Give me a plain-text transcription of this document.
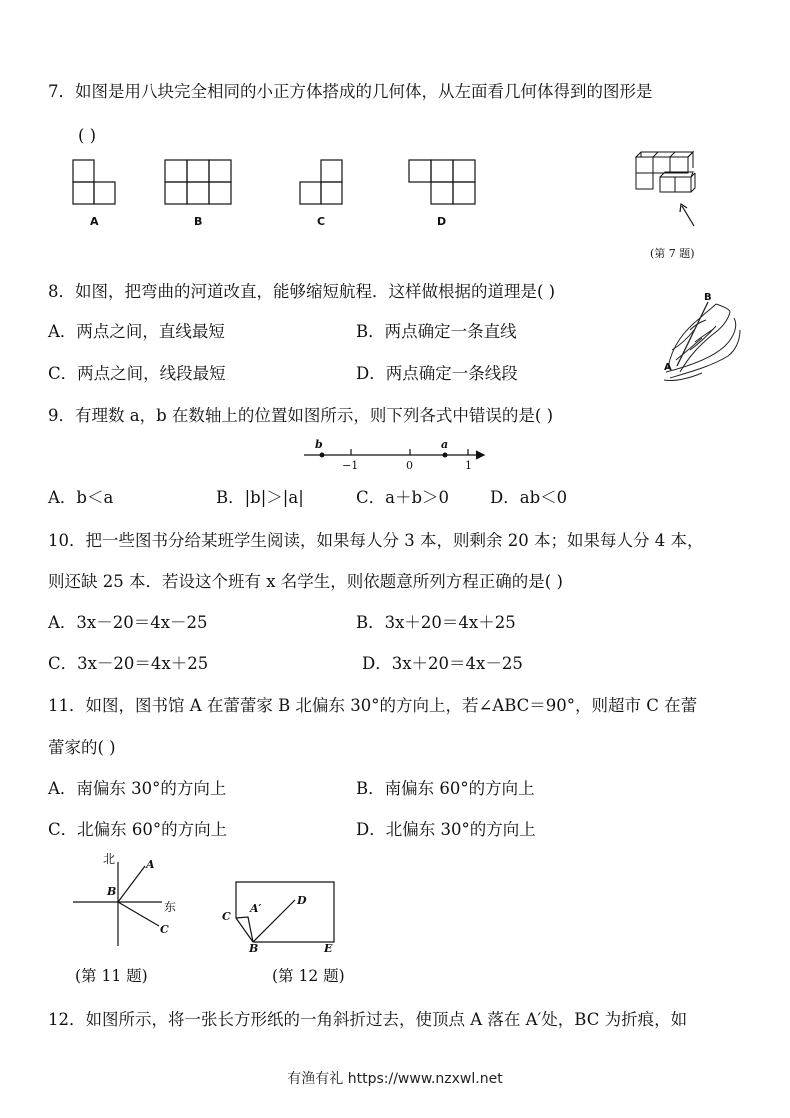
7．如图是用八块完全相同的小正方体搭成的几何体，从左面看几何体得到的图形是
( )
A	B	C	D
(第 7 题)
8．如图，把弯曲的河道改直，能够缩短航程．这样做根据的道理是( )
A．两点之间，直线最短	B．两点确定一条直线
C．两点之间，线段最短	D．两点确定一条线段
B
A
9．有理数 a，b 在数轴上的位置如图所示，则下列各式中错误的是( )
b	a
−1	0	1
A．b＜a	B．|b|＞|a|	C．a＋b＞0 D．ab＜0
10．把一些图书分给某班学生阅读，如果每人分 3 本，则剩余 20 本；如果每人分 4 本，
则还缺 25 本．若设这个班有 x 名学生，则依题意所列方程正确的是( )
A．3x－20＝4x－25	B．3x＋20＝4x＋25
C．3x－20＝4x＋25	D．3x＋20＝4x－25
11．如图，图书馆 A 在蕾蕾家 B 北偏东 30°的方向上，若∠ABC＝90°，则超市 C 在蕾
蕾家的( )
A．南偏东 30°的方向上	B．南偏东 60°的方向上
C．北偏东 60°的方向上	D．北偏东 30°的方向上
北
东
A
B
C
(第 11 题)
C
A′
D
B	E
(第 12 题)
12．如图所示，将一张长方形纸的一角斜折过去，使顶点 A 落在 A′处，BC 为折痕，如
有渔有礼 https://www.nzxwl.net
